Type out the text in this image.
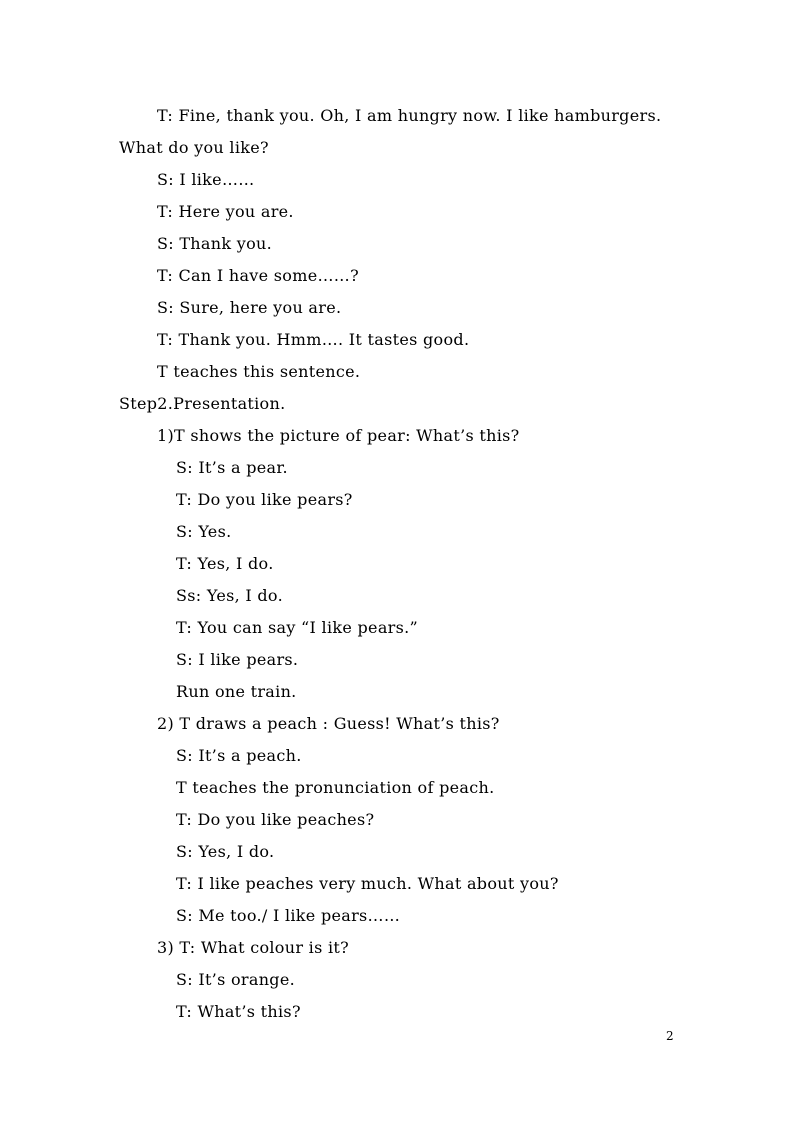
T: Fine, thank you. Oh, I am hungry now. I like hamburgers.
What do you like?
S: I like……
T: Here you are.
S: Thank you.
T: Can I have some……?
S: Sure, here you are.
T: Thank you. Hmm…. It tastes good.
T teaches this sentence.
Step2.Presentation.
1)T shows the picture of pear: What’s this?
S: It’s a pear.
T: Do you like pears?
S: Yes.
T: Yes, I do.
Ss: Yes, I do.
T: You can say “I like pears.”
S: I like pears.
Run one train.
2) T draws a peach : Guess! What’s this?
S: It’s a peach.
T teaches the pronunciation of peach.
T: Do you like peaches?
S: Yes, I do.
T: I like peaches very much. What about you?
S: Me too./ I like pears……
3) T: What colour is it?
S: It’s orange.
T: What’s this?
2
